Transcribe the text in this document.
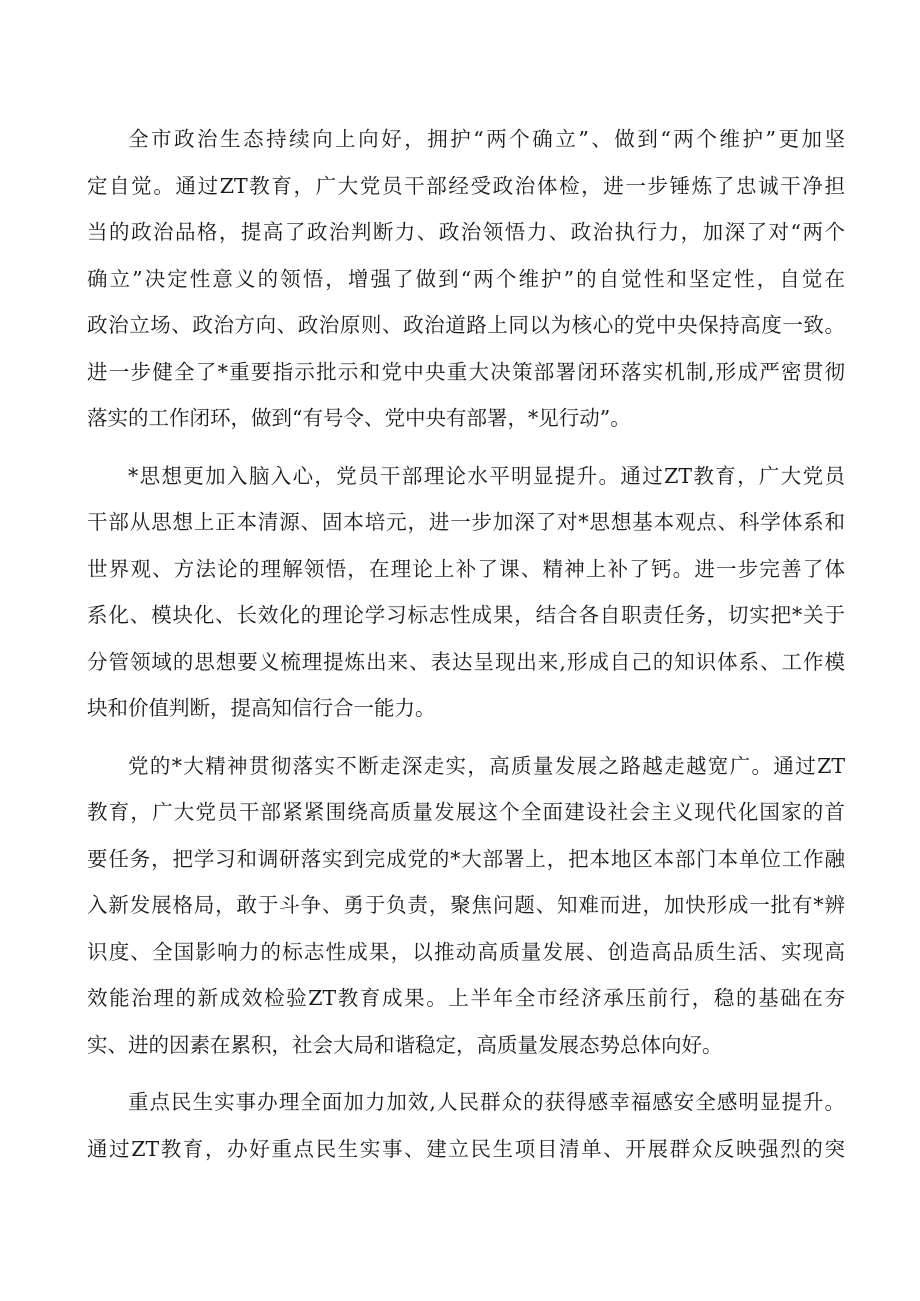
全市政治生态持续向上向好，拥护“两个确立”、做到“两个维护”更加坚
定自觉。通过ZT教育，广大党员干部经受政治体检，进一步锤炼了忠诚干净担
当的政治品格，提高了政治判断力、政治领悟力、政治执行力，加深了对“两个
确立”决定性意义的领悟，增强了做到“两个维护”的自觉性和坚定性，自觉在
政治立场、政治方向、政治原则、政治道路上同以为核心的党中央保持高度一致。
进一步健全了*重要指示批示和党中央重大决策部署闭环落实机制,形成严密贯彻
落实的工作闭环，做到“有号令、党中央有部署，*见行动”。
*思想更加入脑入心，党员干部理论水平明显提升。通过ZT教育，广大党员
干部从思想上正本清源、固本培元，进一步加深了对*思想基本观点、科学体系和
世界观、方法论的理解领悟，在理论上补了课、精神上补了钙。进一步完善了体
系化、模块化、长效化的理论学习标志性成果，结合各自职责任务，切实把*关于
分管领域的思想要义梳理提炼出来、表达呈现出来,形成自己的知识体系、工作模
块和价值判断，提高知信行合一能力。
党的*大精神贯彻落实不断走深走实，高质量发展之路越走越宽广。通过ZT
教育，广大党员干部紧紧围绕高质量发展这个全面建设社会主义现代化国家的首
要任务，把学习和调研落实到完成党的*大部署上，把本地区本部门本单位工作融
入新发展格局，敢于斗争、勇于负责，聚焦问题、知难而进，加快形成一批有*辨
识度、全国影响力的标志性成果，以推动高质量发展、创造高品质生活、实现高
效能治理的新成效检验ZT教育成果。上半年全市经济承压前行，稳的基础在夯
实、进的因素在累积，社会大局和谐稳定，高质量发展态势总体向好。
重点民生实事办理全面加力加效,人民群众的获得感幸福感安全感明显提升。
通过ZT教育，办好重点民生实事、建立民生项目清单、开展群众反映强烈的突
